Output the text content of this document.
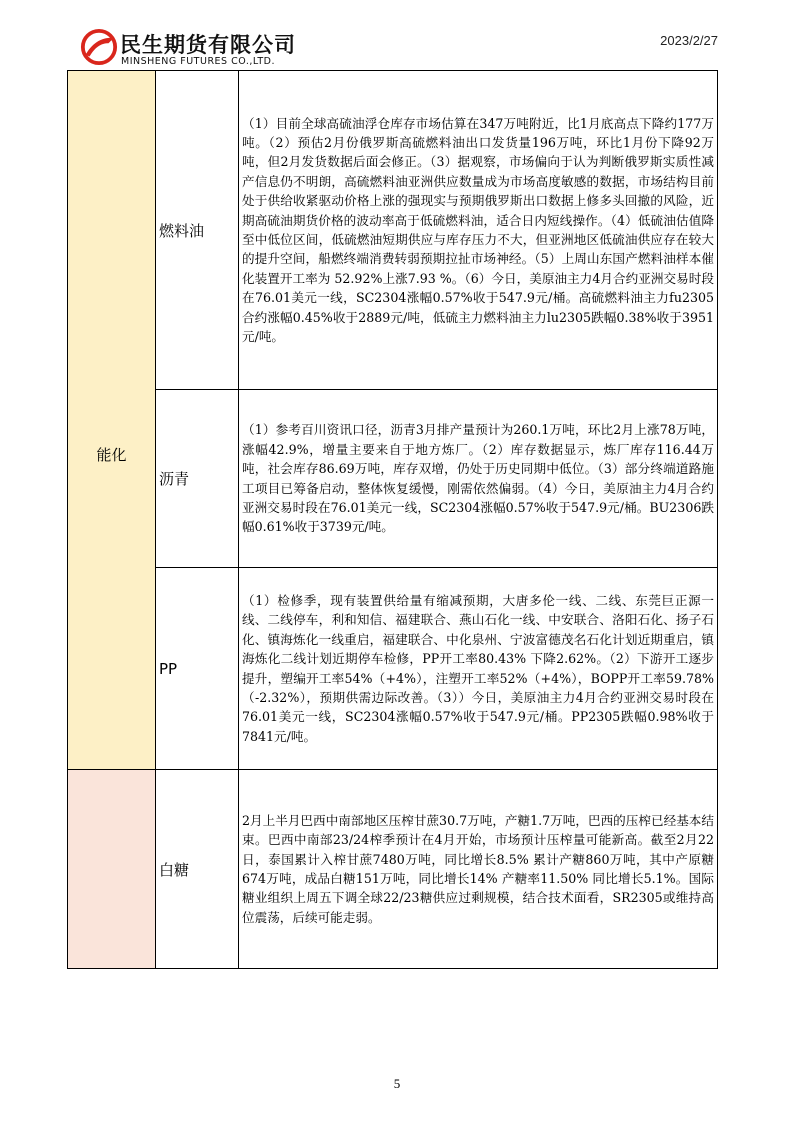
民生期货有限公司
MINSHENG FUTURES CO.,LTD.
2023/2/27
能化	燃料油	（1）目前全球高硫油浮仓库存市场估算在347万吨附近，比1月底高点下降约177万吨。（2）预估2月份俄罗斯高硫燃料油出口发货量196万吨，环比1月份下降92万吨，但2月发货数据后面会修正。（3）据观察，市场偏向于认为判断俄罗斯实质性减产信息仍不明朗，高硫燃料油亚洲供应数量成为市场高度敏感的数据，市场结构目前处于供给收紧驱动价格上涨的强现实与预期俄罗斯出口数据上修多头回撤的风险，近期高硫油期货价格的波动率高于低硫燃料油，适合日内短线操作。（4）低硫油估值降至中低位区间，低硫燃油短期供应与库存压力不大，但亚洲地区低硫油供应存在较大的提升空间，船燃终端消费转弱预期拉扯市场神经。（5）上周山东国产燃料油样本催化装置开工率为 52.92%上涨7.93 %。（6）今日，美原油主力4月合约亚洲交易时段在76.01美元一线，SC2304涨幅0.57%收于547.9元/桶。高硫燃料油主力fu2305合约涨幅0.45%收于2889元/吨，低硫主力燃料油主力lu2305跌幅0.38%收于3951元/吨。
	沥青	（1）参考百川资讯口径，沥青3月排产量预计为260.1万吨，环比2月上涨78万吨，涨幅42.9%，增量主要来自于地方炼厂。（2）库存数据显示，炼厂库存116.44万吨，社会库存86.69万吨，库存双增，仍处于历史同期中低位。（3）部分终端道路施工项目已筹备启动，整体恢复缓慢，刚需依然偏弱。（4）今日，美原油主力4月合约亚洲交易时段在76.01美元一线，SC2304涨幅0.57%收于547.9元/桶。BU2306跌幅0.61%收于3739元/吨。
	PP	（1）检修季，现有装置供给量有缩减预期，大唐多伦一线、二线、东莞巨正源一线、二线停车，利和知信、福建联合、燕山石化一线、中安联合、洛阳石化、扬子石化、镇海炼化一线重启，福建联合、中化泉州、宁波富德茂名石化计划近期重启，镇海炼化二线计划近期停车检修，PP开工率80.43% 下降2.62%。（2）下游开工逐步提升，塑编开工率54%（+4%），注塑开工率52%（+4%），BOPP开工率59.78%（-2.32%），预期供需边际改善。（3））今日，美原油主力4月合约亚洲交易时段在76.01美元一线，SC2304涨幅0.57%收于547.9元/桶。PP2305跌幅0.98%收于7841元/吨。

	白糖	2月上半月巴西中南部地区压榨甘蔗30.7万吨，产糖1.7万吨，巴西的压榨已经基本结束。巴西中南部23/24榨季预计在4月开始，市场预计压榨量可能新高。截至2月22日，泰国累计入榨甘蔗7480万吨，同比增长8.5% 累计产糖860万吨，其中产原糖674万吨，成品白糖151万吨，同比增长14% 产糖率11.50% 同比增长5.1%。国际糖业组织上周五下调全球22/23糖供应过剩规模，结合技术面看，SR2305或维持高位震荡，后续可能走弱。
5
